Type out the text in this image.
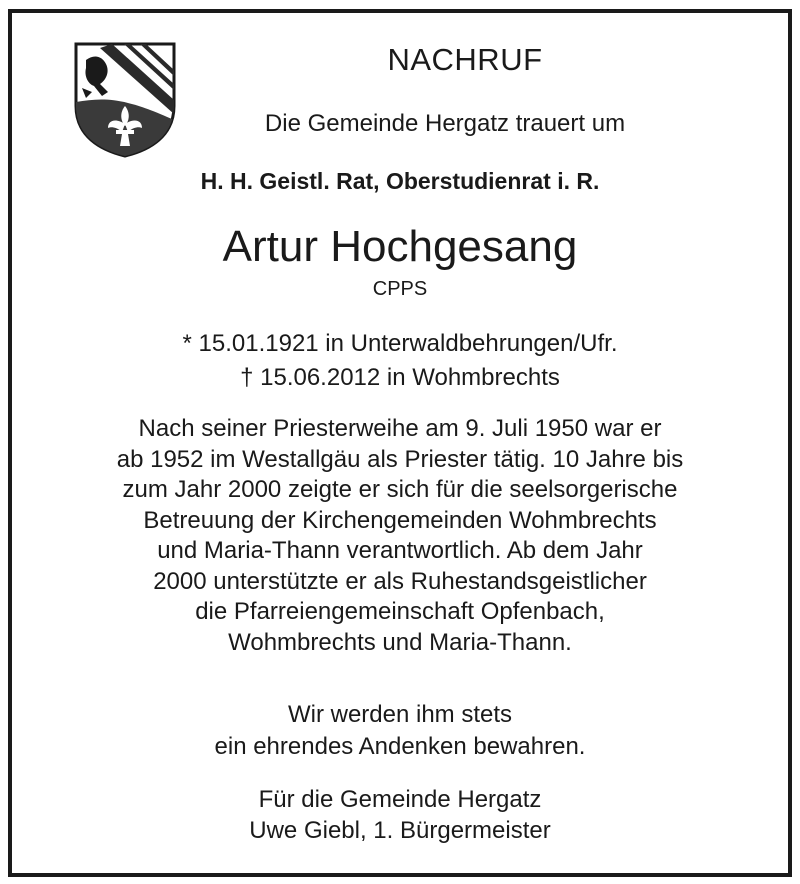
NACHRUF
Die Gemeinde Hergatz trauert um
H. H. Geistl. Rat, Oberstudienrat i. R.
Artur Hochgesang
CPPS
* 15.01.1921 in Unterwaldbehrungen/Ufr.
† 15.06.2012 in Wohmbrechts
Nach seiner Priesterweihe am 9. Juli 1950 war er
ab 1952 im Westallgäu als Priester tätig. 10 Jahre bis
zum Jahr 2000 zeigte er sich für die seelsorgerische
Betreuung der Kirchengemeinden Wohmbrechts
und Maria-Thann verantwortlich. Ab dem Jahr
2000 unterstützte er als Ruhestandsgeistlicher
die Pfarreiengemeinschaft Opfenbach,
Wohmbrechts und Maria-Thann.
Wir werden ihm stets
ein ehrendes Andenken bewahren.
Für die Gemeinde Hergatz
Uwe Giebl, 1. Bürgermeister
